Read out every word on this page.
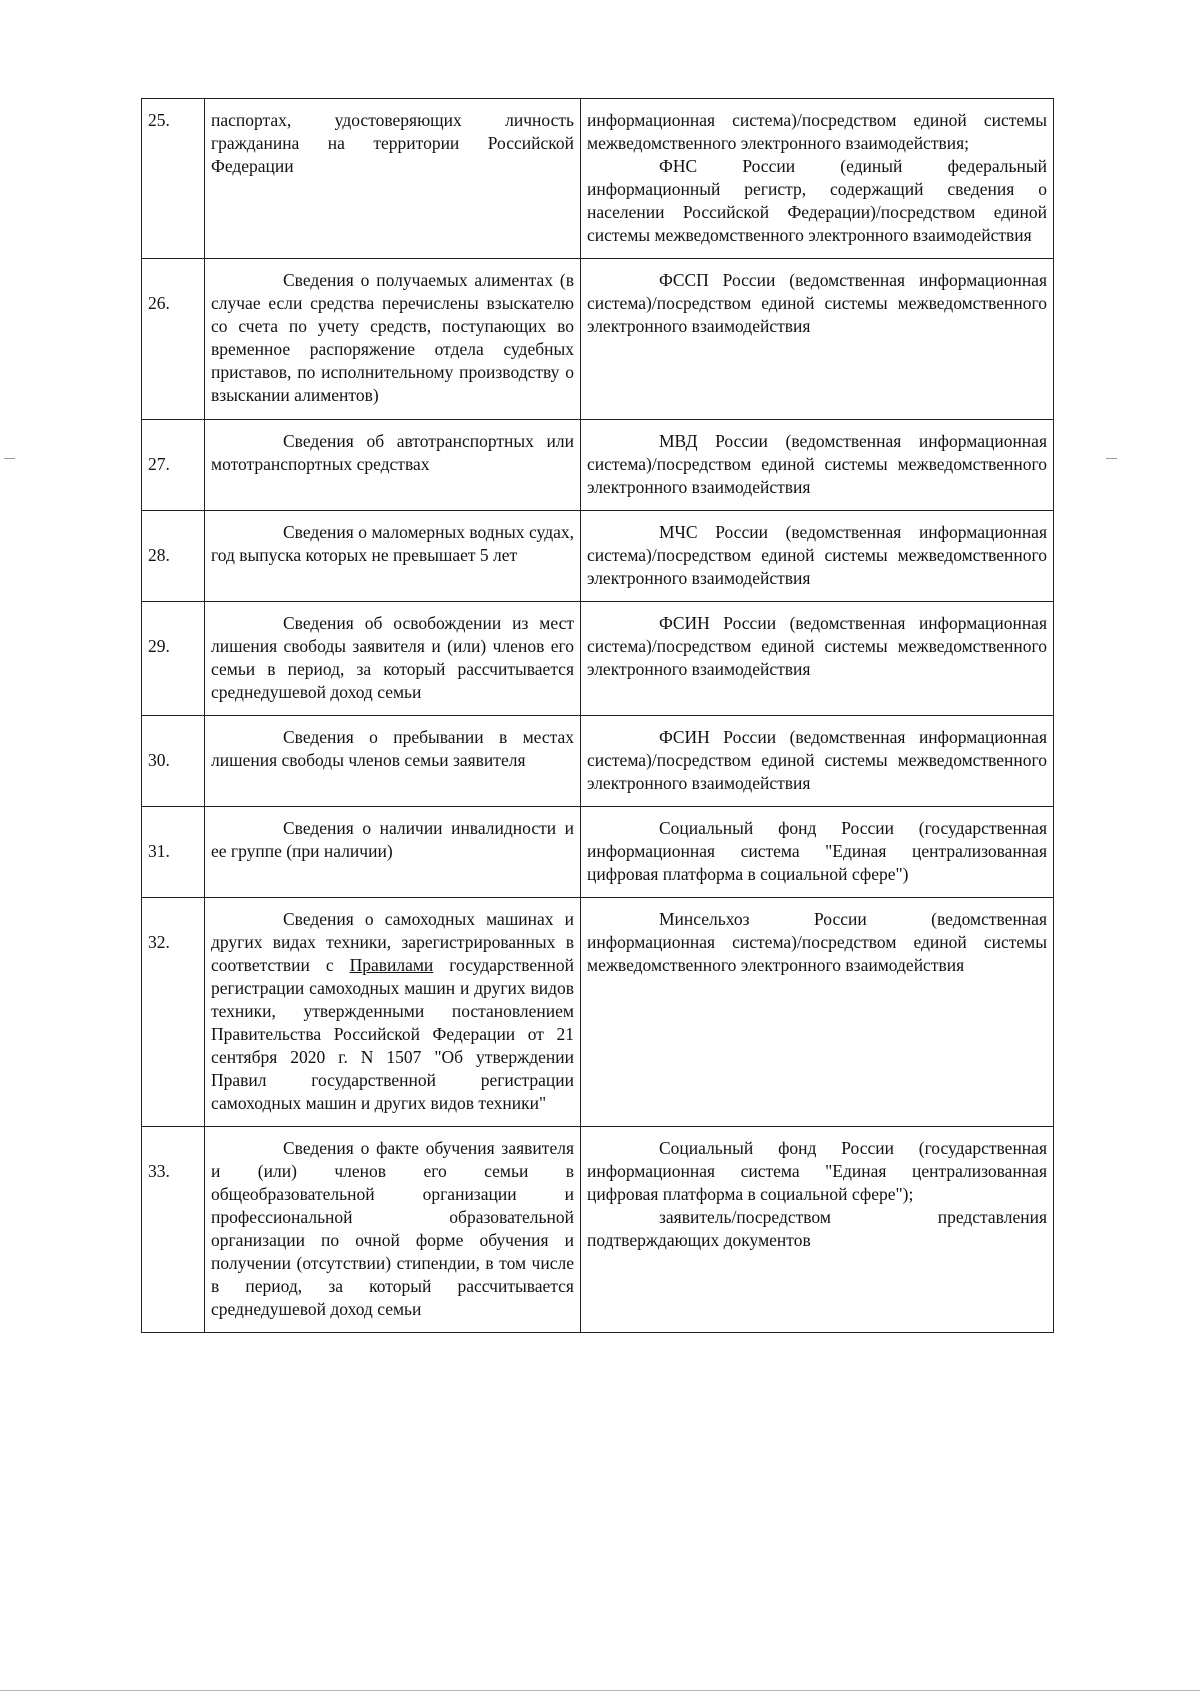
25.	паспортах, удостоверяющих личность гражданина на территории Российской Федерации	информационная система)/посредством единой системы межведомственного электронного взаимодействия;

ФНС России (единый федеральный информационный регистр, содержащий сведения о населении Российской Федерации)/посредством единой системы межведомственного электронного взаимодействия

26.	Сведения о получаемых алиментах (в случае если средства перечислены взыскателю со счета по учету средств, поступающих во временное распоряжение отдела судебных приставов, по исполнительному производству о взыскании алиментов)	ФССП России (ведомственная информационная система)/посредством единой системы межведомственного электронного взаимодействия

27.	Сведения об автотранспортных или мототранспортных средствах	МВД России (ведомственная информационная система)/посредством единой системы межведомственного электронного взаимодействия

28.	Сведения о маломерных водных судах, год выпуска которых не превышает 5 лет	МЧС России (ведомственная информационная система)/посредством единой системы межведомственного электронного взаимодействия

29.	Сведения об освобождении из мест лишения свободы заявителя и (или) членов его семьи в период, за который рассчитывается среднедушевой доход семьи	ФСИН России (ведомственная информационная система)/посредством единой системы межведомственного электронного взаимодействия

30.	Сведения о пребывании в местах лишения свободы членов семьи заявителя	ФСИН России (ведомственная информационная система)/посредством единой системы межведомственного электронного взаимодействия

31.	Сведения о наличии инвалидности и ее группе (при наличии)	Социальный фонд России (государственная информационная система "Единая централизованная цифровая платформа в социальной сфере")

32.	Сведения о самоходных машинах и других видах техники, зарегистрированных в соответствии с Правилами государственной регистрации самоходных машин и других видов техники, утвержденными постановлением Правительства Российской Федерации от 21 сентября 2020 г. N 1507 "Об утверждении Правил государственной регистрации самоходных машин и других видов техники"	Минсельхоз России (ведомственная информационная система)/посредством единой системы межведомственного электронного взаимодействия

33.	Сведения о факте обучения заявителя и (или) членов его семьи в общеобразовательной организации и профессиональной образовательной организации по очной форме обучения и получении (отсутствии) стипендии, в том числе в период, за который рассчитывается среднедушевой доход семьи	Социальный фонд России (государственная информационная система "Единая централизованная цифровая платформа в социальной сфере");

заявитель/посредством представления подтверждающих документов
